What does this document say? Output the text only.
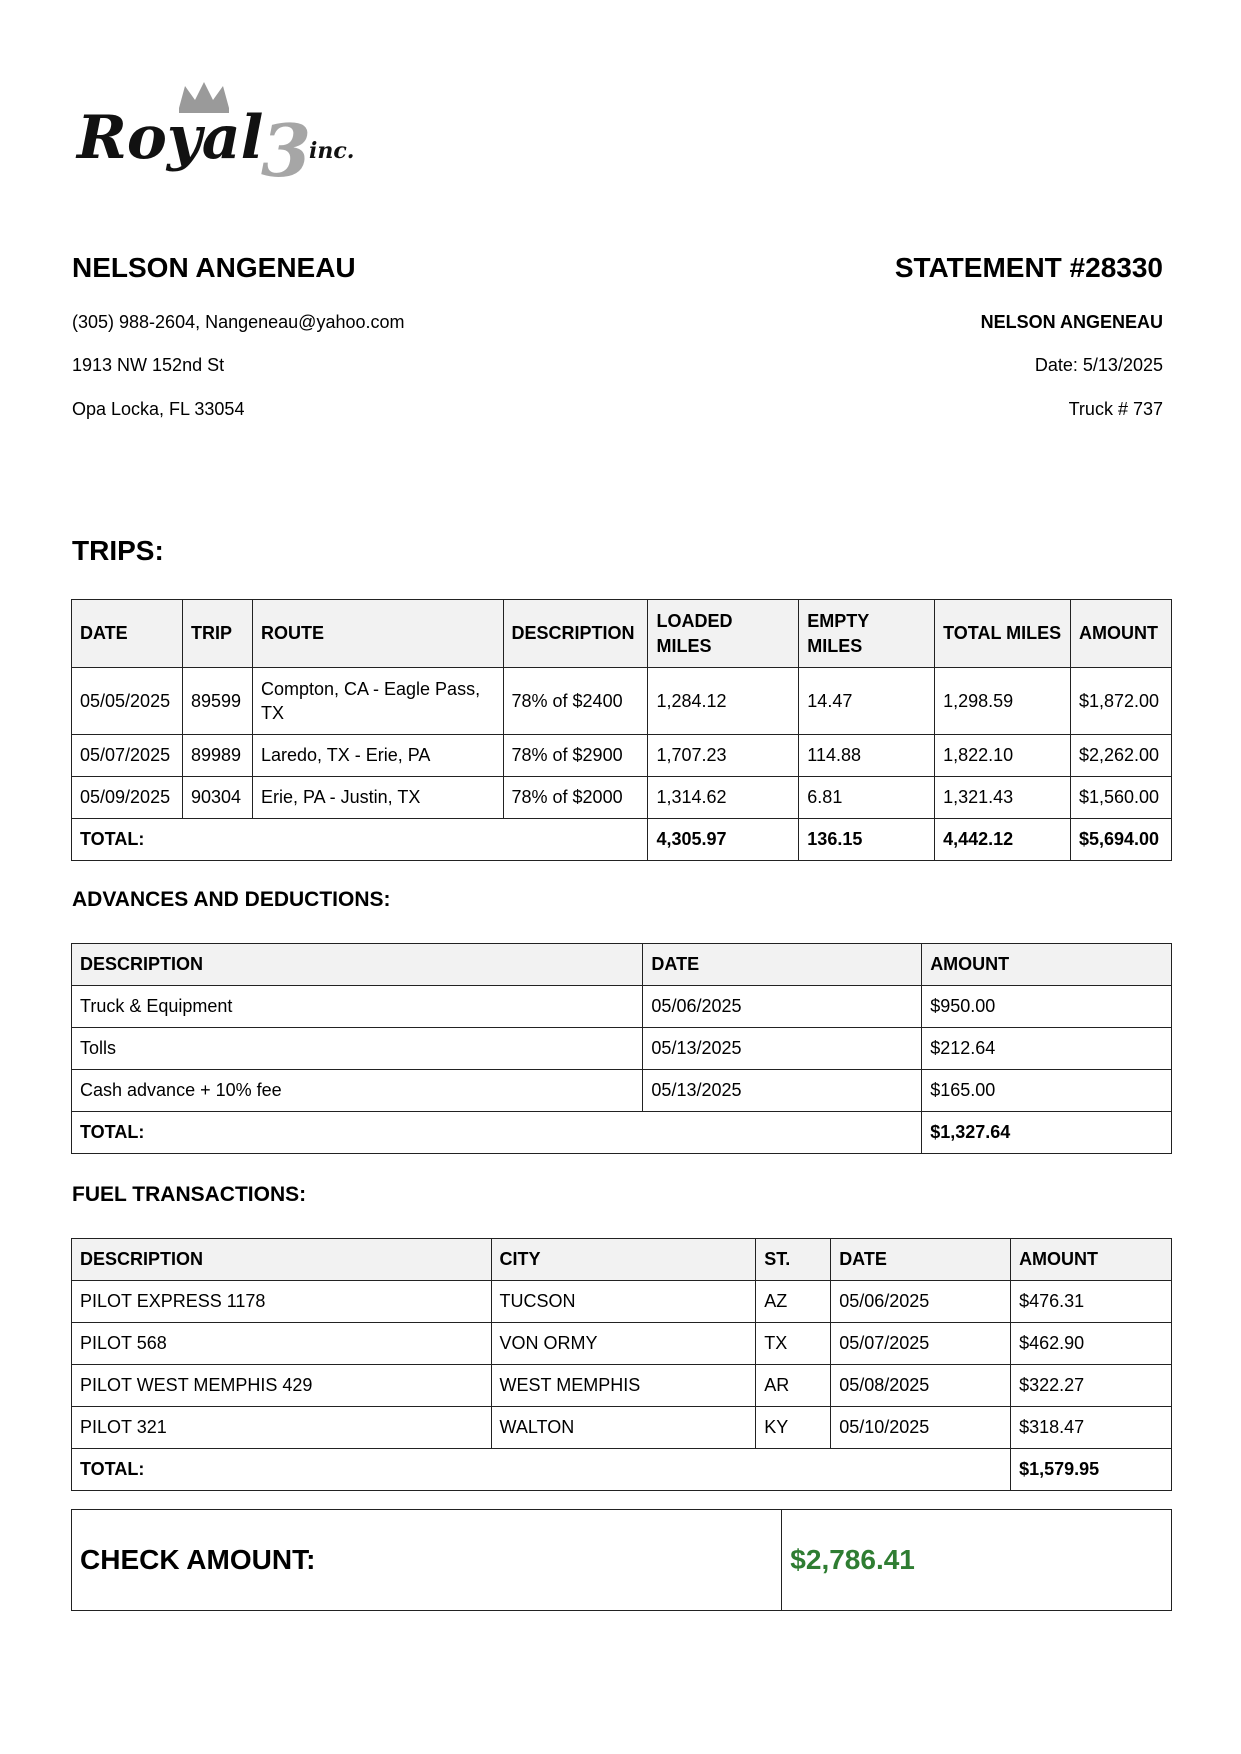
Royal
3
inc.
NELSON ANGENEAU
(305) 988-2604, Nangeneau@yahoo.com
1913 NW 152nd St
Opa Locka, FL 33054
STATEMENT #28330
NELSON ANGENEAU
Date: 5/13/2025
Truck # 737
TRIPS:
DATE	TRIP	ROUTE	DESCRIPTION	LOADED MILES	EMPTY MILES	TOTAL MILES	AMOUNT
05/05/2025	89599	Compton, CA - Eagle Pass, TX	78% of $2400	1,284.12	14.47	1,298.59	$1,872.00
05/07/2025	89989	Laredo, TX - Erie, PA	78% of $2900	1,707.23	114.88	1,822.10	$2,262.00
05/09/2025	90304	Erie, PA - Justin, TX	78% of $2000	1,314.62	6.81	1,321.43	$1,560.00
TOTAL:				4,305.97	136.15	4,442.12	$5,694.00
ADVANCES AND DEDUCTIONS:
DESCRIPTION	DATE	AMOUNT
Truck & Equipment	05/06/2025	$950.00
Tolls	05/13/2025	$212.64
Cash advance + 10% fee	05/13/2025	$165.00
TOTAL:		$1,327.64
FUEL TRANSACTIONS:
DESCRIPTION	CITY	ST.	DATE	AMOUNT
PILOT EXPRESS 1178	TUCSON	AZ	05/06/2025	$476.31
PILOT 568	VON ORMY	TX	05/07/2025	$462.90
PILOT WEST MEMPHIS 429	WEST MEMPHIS	AR	05/08/2025	$322.27
PILOT 321	WALTON	KY	05/10/2025	$318.47
TOTAL:				$1,579.95
CHECK AMOUNT:	$2,786.41
